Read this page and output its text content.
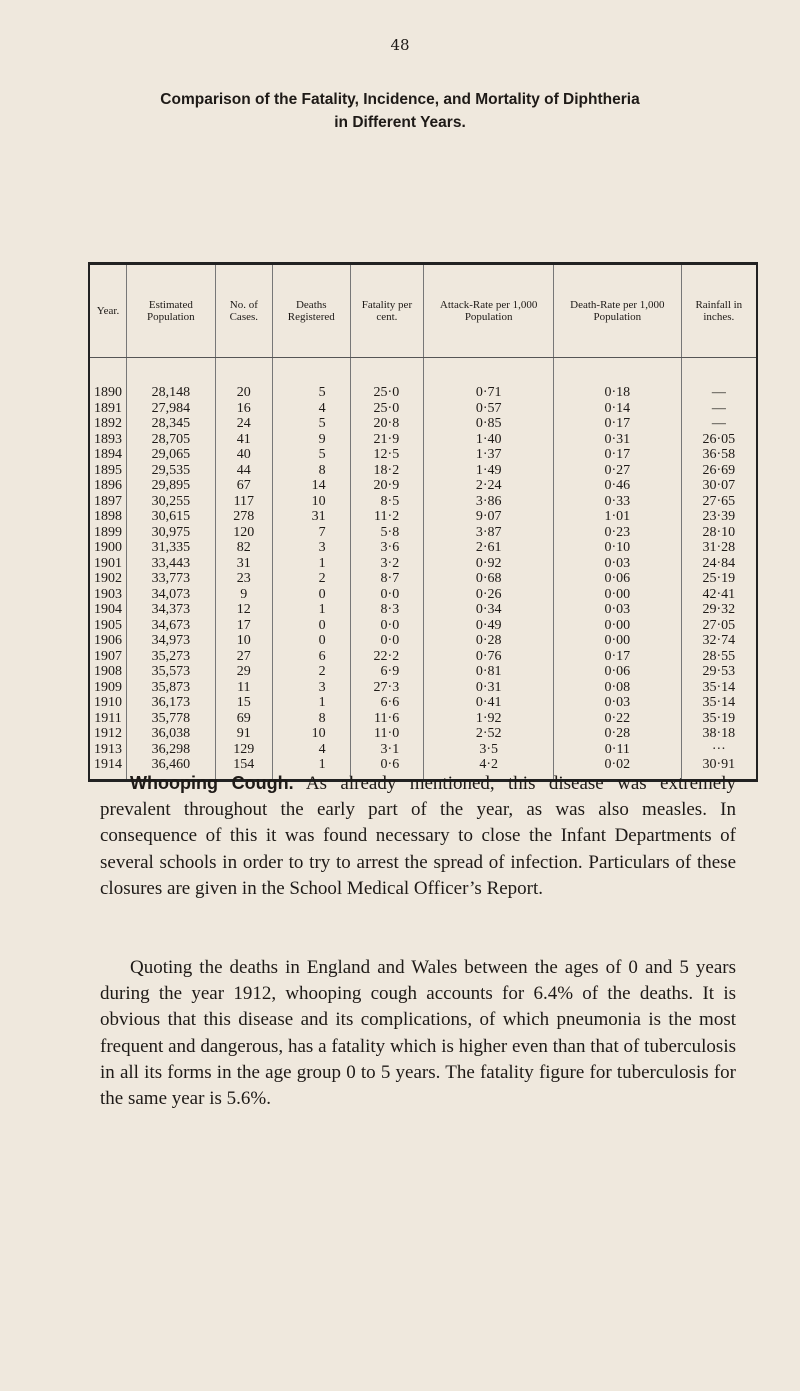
48
Comparison of the Fatality, Incidence, and Mortality of Diphtheria
in Different Years.
Year.	Estimated Population	No. of Cases.	Deaths Registered	Fatality per cent.	Attack-Rate per 1,000 Population	Death-Rate per 1,000 Population	Rainfall in inches.
1890	28,148	20	5	25·0	0·71	0·18	—
1891	27,984	16	4	25·0	0·57	0·14	—
1892	28,345	24	5	20·8	0·85	0·17	—
1893	28,705	41	9	21·9	1·40	0·31	26·05
1894	29,065	40	5	12·5	1·37	0·17	36·58
1895	29,535	44	8	18·2	1·49	0·27	26·69
1896	29,895	67	14	20·9	2·24	0·46	30·07
1897	30,255	117	10	8·5	3·86	0·33	27·65
1898	30,615	278	31	11·2	9·07	1·01	23·39
1899	30,975	120	7	5·8	3·87	0·23	28·10
1900	31,335	82	3	3·6	2·61	0·10	31·28
1901	33,443	31	1	3·2	0·92	0·03	24·84
1902	33,773	23	2	8·7	0·68	0·06	25·19
1903	34,073	9	0	0·0	0·26	0·00	42·41
1904	34,373	12	1	8·3	0·34	0·03	29·32
1905	34,673	17	0	0·0	0·49	0·00	27·05
1906	34,973	10	0	0·0	0·28	0·00	32·74
1907	35,273	27	6	22·2	0·76	0·17	28·55
1908	35,573	29	2	6·9	0·81	0·06	29·53
1909	35,873	11	3	27·3	0·31	0·08	35·14
1910	36,173	15	1	6·6	0·41	0·03	35·14
1911	35,778	69	8	11·6	1·92	0·22	35·19
1912	36,038	91	10	11·0	2·52	0·28	38·18
1913	36,298	129	4	3·1	3·5	0·11	···
1914	36,460	154	1	0·6	4·2	0·02	30·91
Whooping Cough. As already mentioned, this disease was extremely prevalent throughout the early part of the year, as was also measles. In consequence of this it was found necessary to close the Infant Departments of several schools in order to try to arrest the spread of infection. Particulars of these closures are given in the School Medical Officer’s Report.
Quoting the deaths in England and Wales between the ages of 0 and 5 years during the year 1912, whooping cough accounts for 6.4% of the deaths. It is obvious that this disease and its complications, of which pneumonia is the most frequent and dangerous, has a fatality which is higher even than that of tuberculosis in all its forms in the age group 0 to 5 years. The fatality figure for tuberculosis for the same year is 5.6%.
